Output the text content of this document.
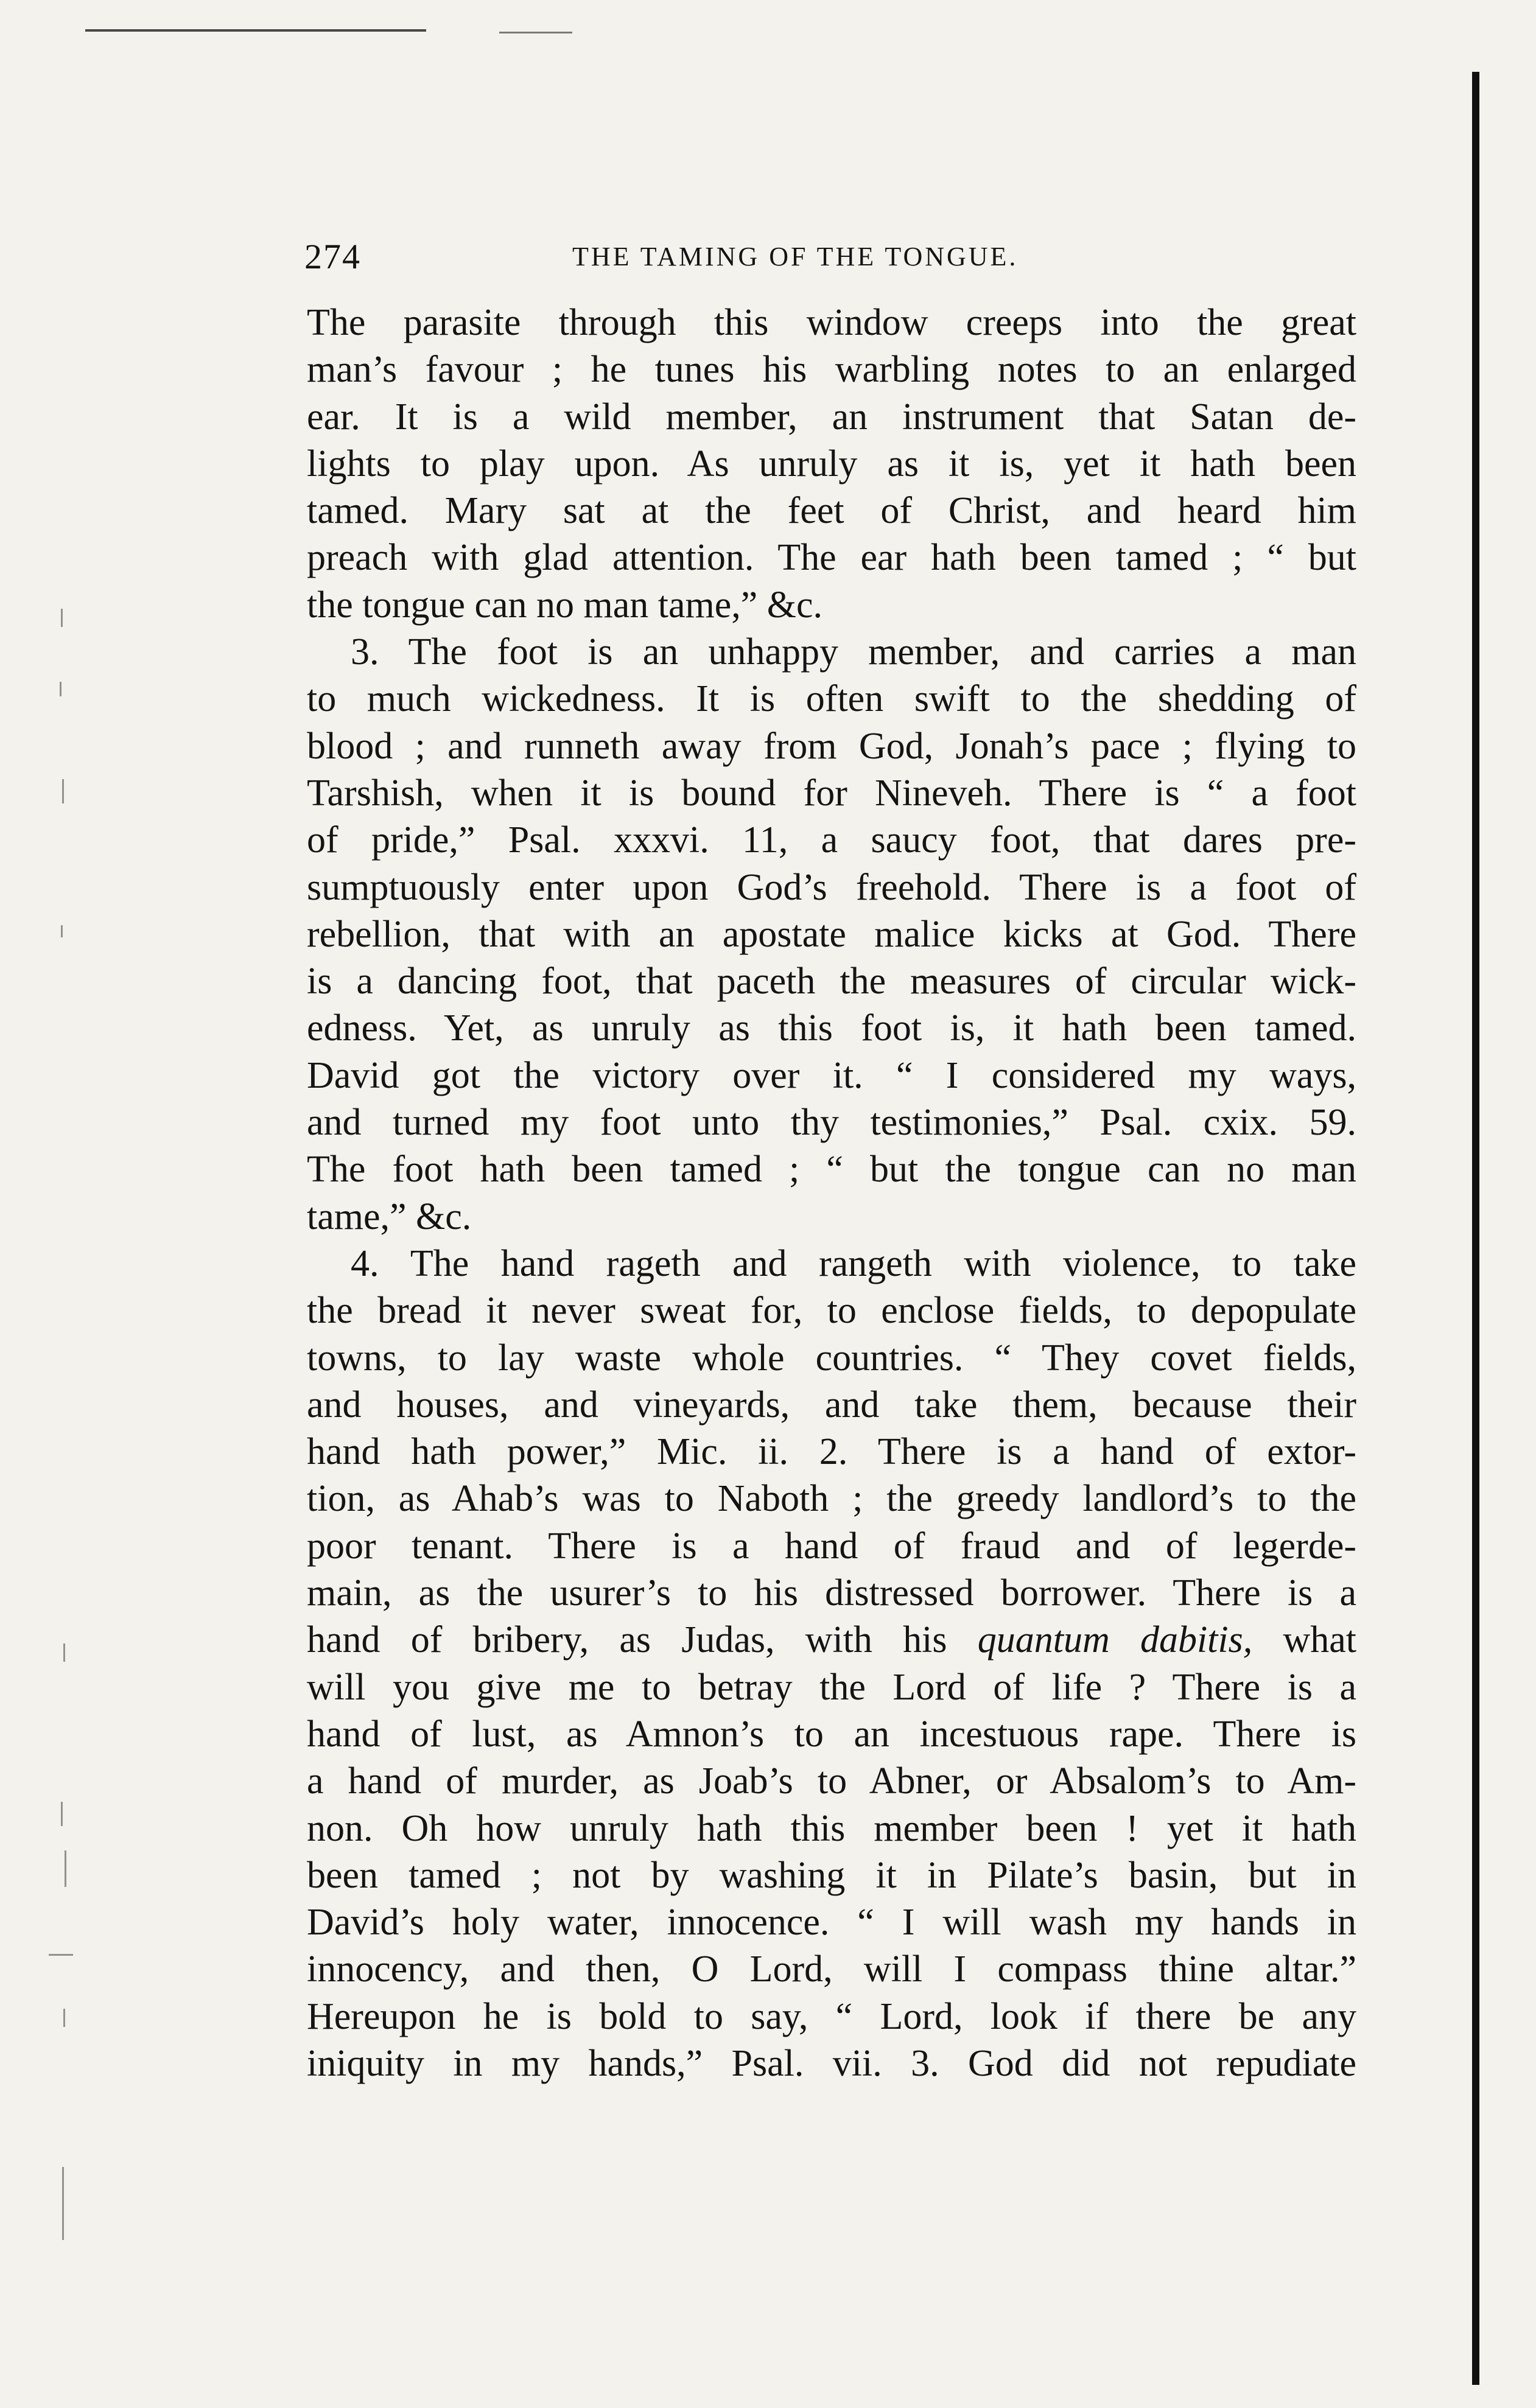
274	THE TAMING OF THE TONGUE.
The parasite through this window creeps into the great
man’s favour ; he tunes his warbling notes to an enlarged
ear. It is a wild member, an instrument that Satan de-
lights to play upon. As unruly as it is, yet it hath been
tamed. Mary sat at the feet of Christ, and heard him
preach with glad attention. The ear hath been tamed ; “ but
the tongue can no man tame,” &c.
3. The foot is an unhappy member, and carries a man
to much wickedness. It is often swift to the shedding of
blood ; and runneth away from God, Jonah’s pace ; flying to
Tarshish, when it is bound for Nineveh. There is “ a foot
of pride,” Psal. xxxvi. 11, a saucy foot, that dares pre-
sumptuously enter upon God’s freehold. There is a foot of
rebellion, that with an apostate malice kicks at God. There
is a dancing foot, that paceth the measures of circular wick-
edness. Yet, as unruly as this foot is, it hath been tamed.
David got the victory over it. “ I considered my ways,
and turned my foot unto thy testimonies,” Psal. cxix. 59.
The foot hath been tamed ; “ but the tongue can no man
tame,” &c.
4. The hand rageth and rangeth with violence, to take
the bread it never sweat for, to enclose fields, to depopulate
towns, to lay waste whole countries. “ They covet fields,
and houses, and vineyards, and take them, because their
hand hath power,” Mic. ii. 2. There is a hand of extor-
tion, as Ahab’s was to Naboth ; the greedy landlord’s to the
poor tenant. There is a hand of fraud and of legerde-
main, as the usurer’s to his distressed borrower. There is a
hand of bribery, as Judas, with his quantum dabitis, what
will you give me to betray the Lord of life ? There is a
hand of lust, as Amnon’s to an incestuous rape. There is
a hand of murder, as Joab’s to Abner, or Absalom’s to Am-
non. Oh how unruly hath this member been ! yet it hath
been tamed ; not by washing it in Pilate’s basin, but in
David’s holy water, innocence. “ I will wash my hands in
innocency, and then, O Lord, will I compass thine altar.”
Hereupon he is bold to say, “ Lord, look if there be any
iniquity in my hands,” Psal. vii. 3. God did not repudiate
